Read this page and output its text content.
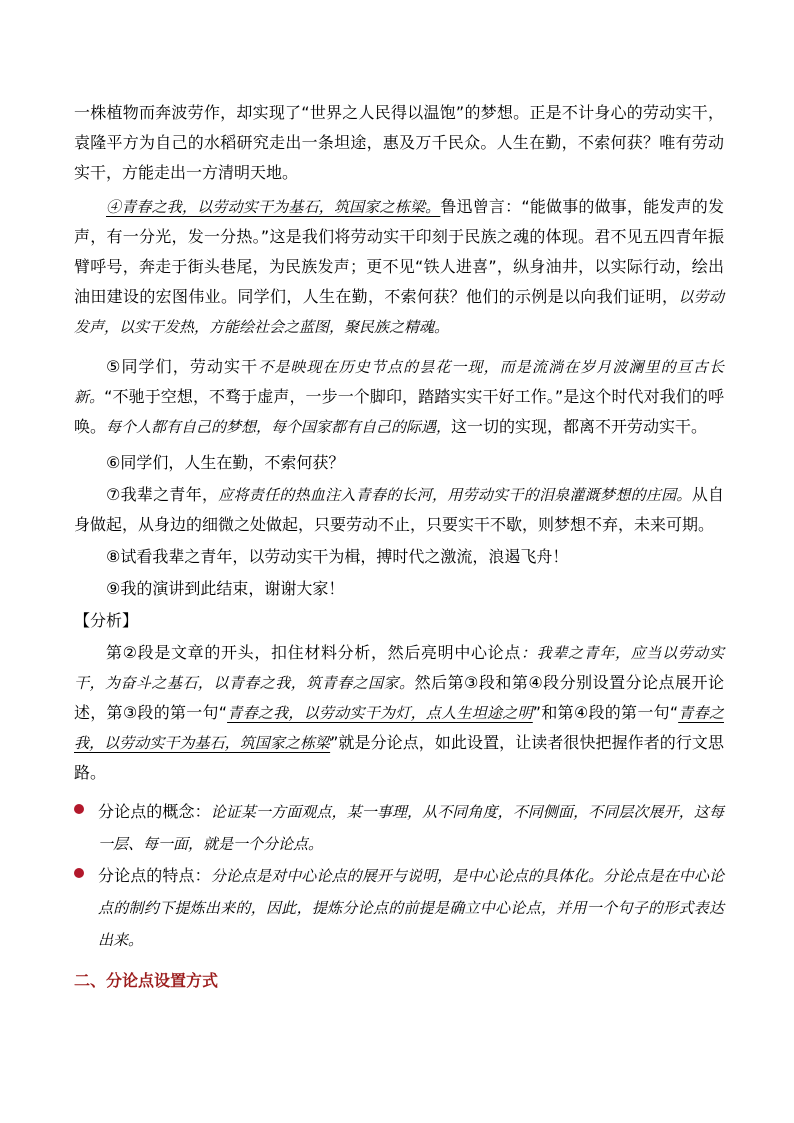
一株植物而奔波劳作，却实现了“世界之人民得以温饱”的梦想。正是不计身心的劳动实干，袁隆平方为自己的水稻研究走出一条坦途，惠及万千民众。人生在勤，不索何获？唯有劳动实干，方能走出一方清明天地。
④青春之我，以劳动实干为基石，筑国家之栋梁。鲁迅曾言：“能做事的做事，能发声的发声，有一分光，发一分热。”这是我们将劳动实干印刻于民族之魂的体现。君不见五四青年振臂呼号，奔走于街头巷尾，为民族发声；更不见“铁人进喜”，纵身油井，以实际行动，绘出油田建设的宏图伟业。同学们，人生在勤，不索何获？他们的示例是以向我们证明，以劳动发声，以实干发热，方能绘社会之蓝图，聚民族之精魂。
⑤同学们，劳动实干不是映现在历史节点的昙花一现，而是流淌在岁月波澜里的亘古长新。“不驰于空想，不骛于虚声，一步一个脚印，踏踏实实干好工作。”是这个时代对我们的呼唤。每个人都有自己的梦想，每个国家都有自己的际遇，这一切的实现，都离不开劳动实干。
⑥同学们，人生在勤，不索何获？
⑦我辈之青年，应将责任的热血注入青春的长河，用劳动实干的泪泉灌溉梦想的庄园。从自身做起，从身边的细微之处做起，只要劳动不止，只要实干不歇，则梦想不弃，未来可期。
⑧试看我辈之青年，以劳动实干为楫，搏时代之激流，浪遏飞舟！
⑨我的演讲到此结束，谢谢大家！
【分析】
第②段是文章的开头，扣住材料分析，然后亮明中心论点：我辈之青年，应当以劳动实干，为奋斗之基石，以青春之我，筑青春之国家。然后第③段和第④段分别设置分论点展开论述，第③段的第一句“青春之我，以劳动实干为灯，点人生坦途之明”和第④段的第一句“青春之我，以劳动实干为基石，筑国家之栋梁”就是分论点，如此设置，让读者很快把握作者的行文思路。
分论点的概念：论证某一方面观点，某一事理，从不同角度，不同侧面，不同层次展开，这每一层、每一面，就是一个分论点。
分论点的特点：分论点是对中心论点的展开与说明，是中心论点的具体化。分论点是在中心论点的制约下提炼出来的，因此，提炼分论点的前提是确立中心论点，并用一个句子的形式表达出来。
二、分论点设置方式
